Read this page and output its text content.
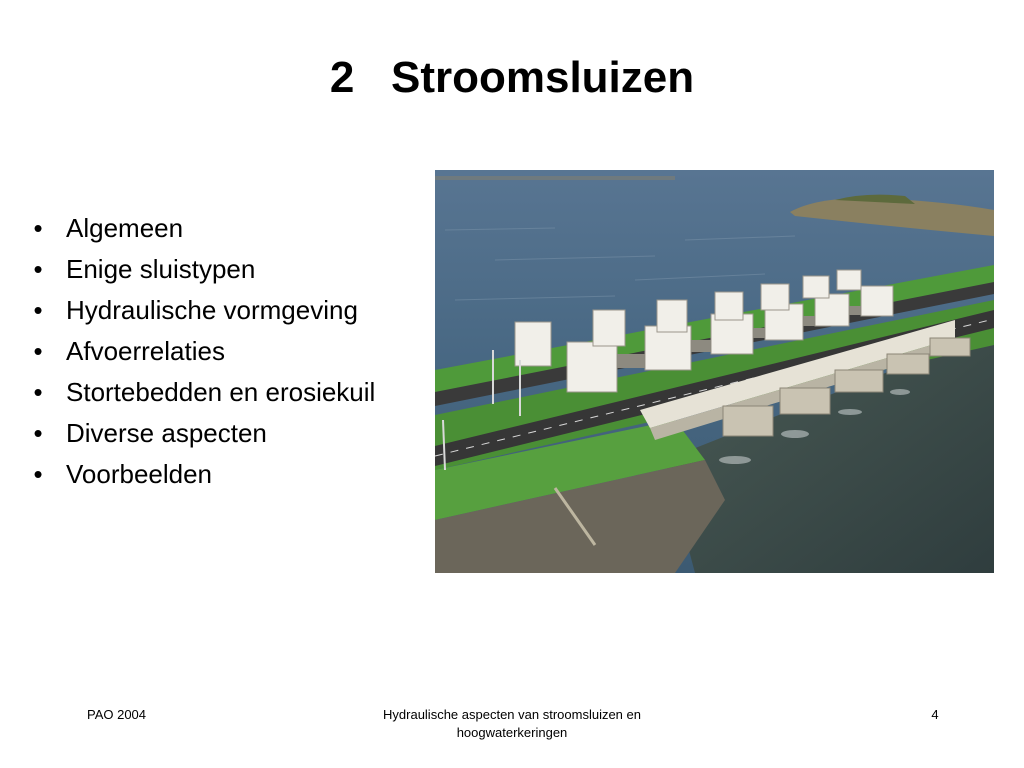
2   Stroomsluizen
• Algemeen
• Enige sluistypen
• Hydraulische vormgeving
• Afvoerrelaties
• Stortebedden en erosiekuil
• Diverse aspecten
• Voorbeelden
PAO 2004	Hydraulische aspecten van stroomsluizen en hoogwaterkeringen
4
